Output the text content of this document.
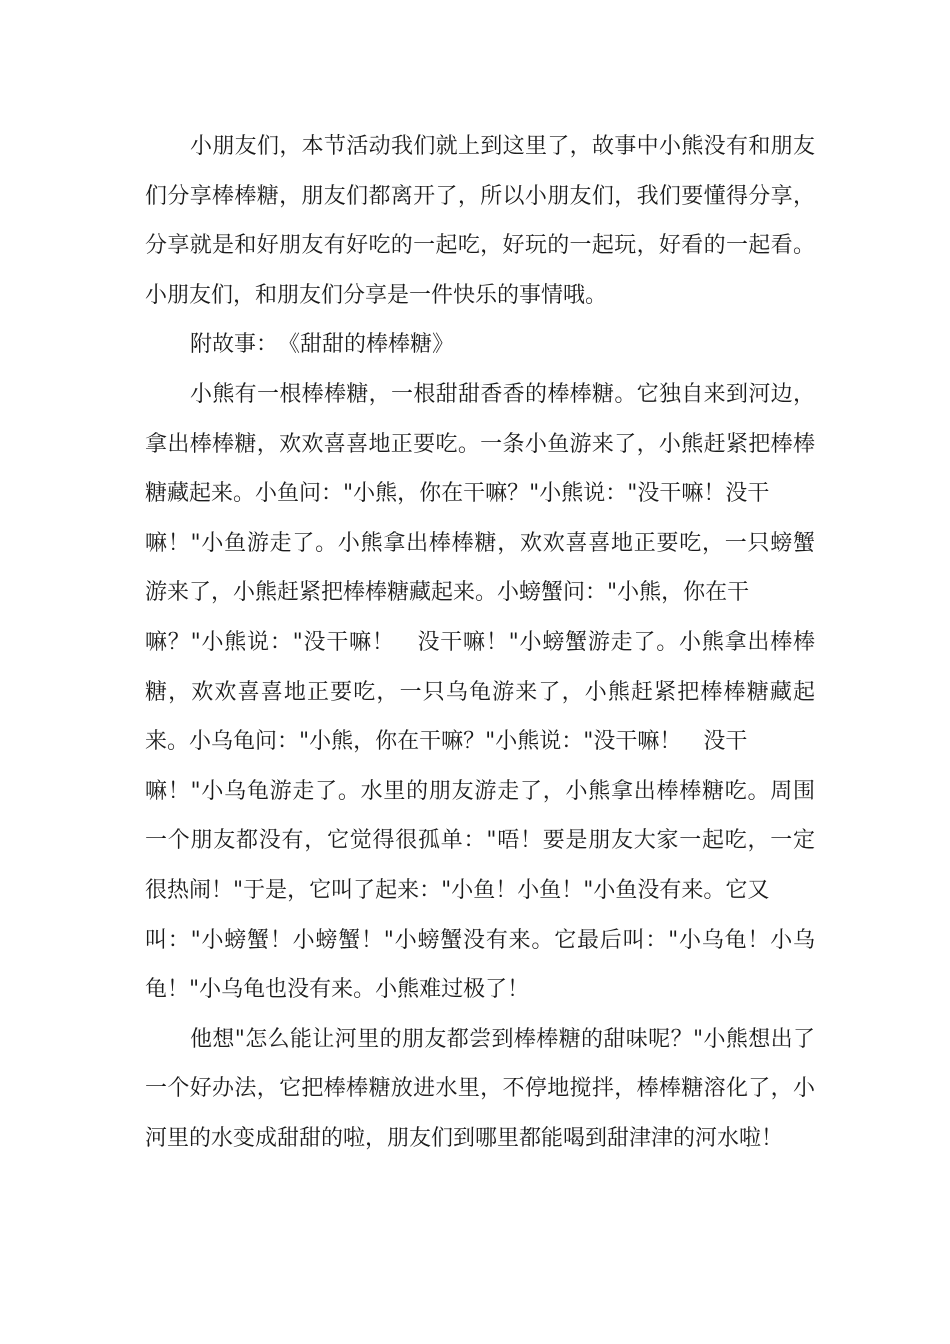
小朋友们，本节活动我们就上到这里了，故事中小熊没有和朋友
们分享棒棒糖，朋友们都离开了，所以小朋友们，我们要懂得分享，
分享就是和好朋友有好吃的一起吃，好玩的一起玩，好看的一起看。
小朋友们，和朋友们分享是一件快乐的事情哦。
附故事：　《甜甜的棒棒糖》
小熊有一根棒棒糖，一根甜甜香香的棒棒糖。它独自来到河边，
拿出棒棒糖，欢欢喜喜地正要吃。一条小鱼游来了，小熊赶紧把棒棒
糖藏起来。小鱼问："小熊，你在干嘛？"小熊说："没干嘛！没干
嘛！"小鱼游走了。小熊拿出棒棒糖，欢欢喜喜地正要吃，一只螃蟹
游来了，小熊赶紧把棒棒糖藏起来。小螃蟹问："小熊，你在干
嘛？"小熊说："没干嘛！　没干嘛！"小螃蟹游走了。小熊拿出棒棒
糖，欢欢喜喜地正要吃，一只乌龟游来了，小熊赶紧把棒棒糖藏起
来。小乌龟问："小熊，你在干嘛？"小熊说："没干嘛！　没干
嘛！"小乌龟游走了。水里的朋友游走了，小熊拿出棒棒糖吃。周围
一个朋友都没有，它觉得很孤单："唔！要是朋友大家一起吃，一定
很热闹！"于是，它叫了起来："小鱼！小鱼！"小鱼没有来。它又
叫："小螃蟹！小螃蟹！"小螃蟹没有来。它最后叫："小乌龟！小乌
龟！"小乌龟也没有来。小熊难过极了！
他想"怎么能让河里的朋友都尝到棒棒糖的甜味呢？"小熊想出了
一个好办法，它把棒棒糖放进水里，不停地搅拌，棒棒糖溶化了，小
河里的水变成甜甜的啦，朋友们到哪里都能喝到甜津津的河水啦！
